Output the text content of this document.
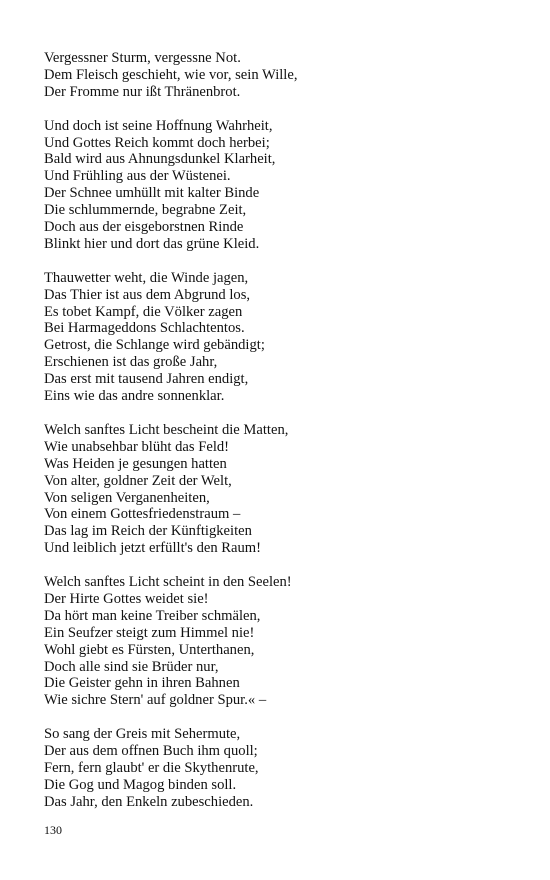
Vergessner Sturm, vergessne Not.
Dem Fleisch geschieht, wie vor, sein Wille,
Der Fromme nur ißt Thränenbrot.
Und doch ist seine Hoffnung Wahrheit,
Und Gottes Reich kommt doch herbei;
Bald wird aus Ahnungsdunkel Klarheit,
Und Frühling aus der Wüstenei.
Der Schnee umhüllt mit kalter Binde
Die schlummernde, begrabne Zeit,
Doch aus der eisgeborstnen Rinde
Blinkt hier und dort das grüne Kleid.
Thauwetter weht, die Winde jagen,
Das Thier ist aus dem Abgrund los,
Es tobet Kampf, die Völker zagen
Bei Harmageddons Schlachtentos.
Getrost, die Schlange wird gebändigt;
Erschienen ist das große Jahr,
Das erst mit tausend Jahren endigt,
Eins wie das andre sonnenklar.
Welch sanftes Licht bescheint die Matten,
Wie unabsehbar blüht das Feld!
Was Heiden je gesungen hatten
Von alter, goldner Zeit der Welt,
Von seligen Verganenheiten,
Von einem Gottesfriedenstraum –
Das lag im Reich der Künftigkeiten
Und leiblich jetzt erfüllt's den Raum!
Welch sanftes Licht scheint in den Seelen!
Der Hirte Gottes weidet sie!
Da hört man keine Treiber schmälen,
Ein Seufzer steigt zum Himmel nie!
Wohl giebt es Fürsten, Unterthanen,
Doch alle sind sie Brüder nur,
Die Geister gehn in ihren Bahnen
Wie sichre Stern' auf goldner Spur.« –
So sang der Greis mit Sehermute,
Der aus dem offnen Buch ihm quoll;
Fern, fern glaubt' er die Skythenrute,
Die Gog und Magog binden soll.
Das Jahr, den Enkeln zubeschieden.
130
